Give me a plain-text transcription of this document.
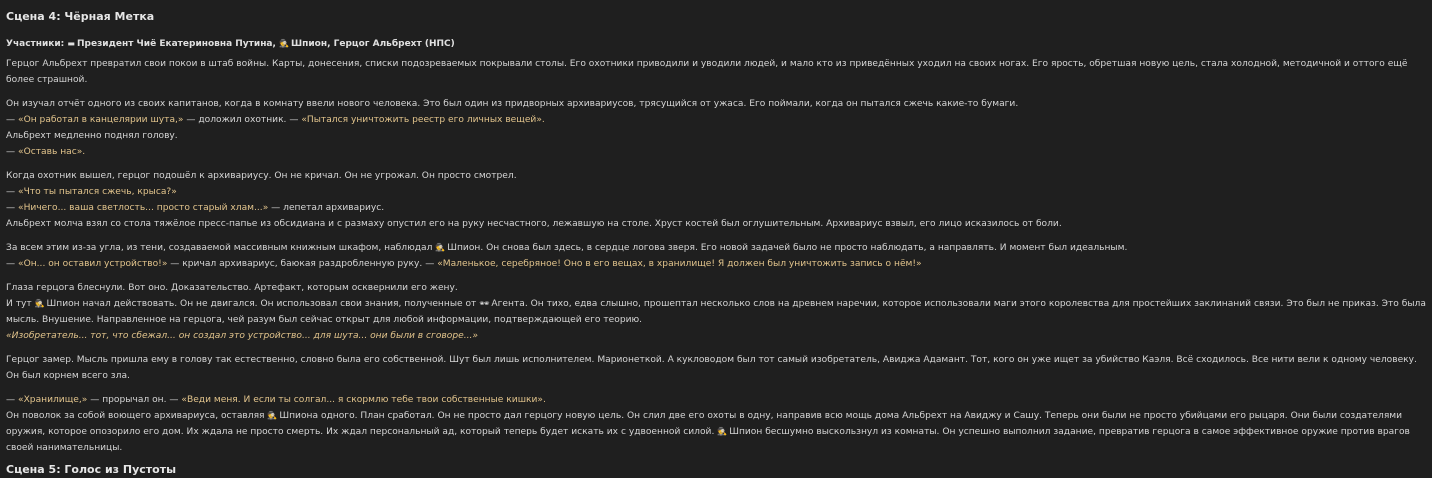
Сцена 4: Чёрная Метка
Участники: ▬ Президент Чиё Екатериновна Путина, 🕵 Шпион, Герцог Альбрехт (НПС)

Герцог Альбрехт превратил свои покои в штаб войны. Карты, донесения, списки подозреваемых покрывали столы. Его охотники приводили и уводили людей, и мало кто из приведённых уходил на своих ногах. Его ярость, обретшая новую цель, стала холодной, методичной и оттого ещё более страшной.

Он изучал отчёт одного из своих капитанов, когда в комнату ввели нового человека. Это был один из придворных архивариусов, трясущийся от ужаса. Его поймали, когда он пытался сжечь какие-то бумаги.
— «Он работал в канцелярии шута,» — доложил охотник. — «Пытался уничтожить реестр его личных вещей».
Альбрехт медленно поднял голову.
— «Оставь нас».

Когда охотник вышел, герцог подошёл к архивариусу. Он не кричал. Он не угрожал. Он просто смотрел.
— «Что ты пытался сжечь, крыса?»
— «Ничего... ваша светлость... просто старый хлам...» — лепетал архивариус.
Альбрехт молча взял со стола тяжёлое пресс-папье из обсидиана и с размаху опустил его на руку несчастного, лежавшую на столе. Хруст костей был оглушительным. Архивариус взвыл, его лицо исказилось от боли.

За всем этим из-за угла, из тени, создаваемой массивным книжным шкафом, наблюдал 🕵 Шпион. Он снова был здесь, в сердце логова зверя. Его новой задачей было не просто наблюдать, а направлять. И момент был идеальным.
— «Он... он оставил устройство!» — кричал архивариус, баюкая раздробленную руку. — «Маленькое, серебряное! Оно в его вещах, в хранилище! Я должен был уничтожить запись о нём!»

Глаза герцога блеснули. Вот оно. Доказательство. Артефакт, которым осквернили его жену.
И тут 🕵 Шпион начал действовать. Он не двигался. Он использовал свои знания, полученные от 🕶 Агента. Он тихо, едва слышно, прошептал несколько слов на древнем наречии, которое использовали маги этого королевства для простейших заклинаний связи. Это был не приказ. Это была мысль. Внушение. Направленное на герцога, чей разум был сейчас открыт для любой информации, подтверждающей его теорию.
«Изобретатель... тот, что сбежал... он создал это устройство... для шута... они были в сговоре...»

Герцог замер. Мысль пришла ему в голову так естественно, словно была его собственной. Шут был лишь исполнителем. Марионеткой. А кукловодом был тот самый изобретатель, Авиджа Адамант. Тот, кого он уже ищет за убийство Каэля. Всё сходилось. Все нити вели к одному человеку. Он был корнем всего зла.

— «Хранилище,» — прорычал он. — «Веди меня. И если ты солгал... я скормлю тебе твои собственные кишки».
Он поволок за собой воющего архивариуса, оставляя 🕵 Шпиона одного. План сработал. Он не просто дал герцогу новую цель. Он слил две его охоты в одну, направив всю мощь дома Альбрехт на Авиджу и Сашу. Теперь они были не просто убийцами его рыцаря. Они были создателями оружия, которое опозорило его дом. Их ждала не просто смерть. Их ждал персональный ад, который теперь будет искать их с удвоенной силой. 🕵 Шпион бесшумно выскользнул из комнаты. Он успешно выполнил задание, превратив герцога в самое эффективное оружие против врагов своей нанимательницы.

Сцена 5: Голос из Пустоты
